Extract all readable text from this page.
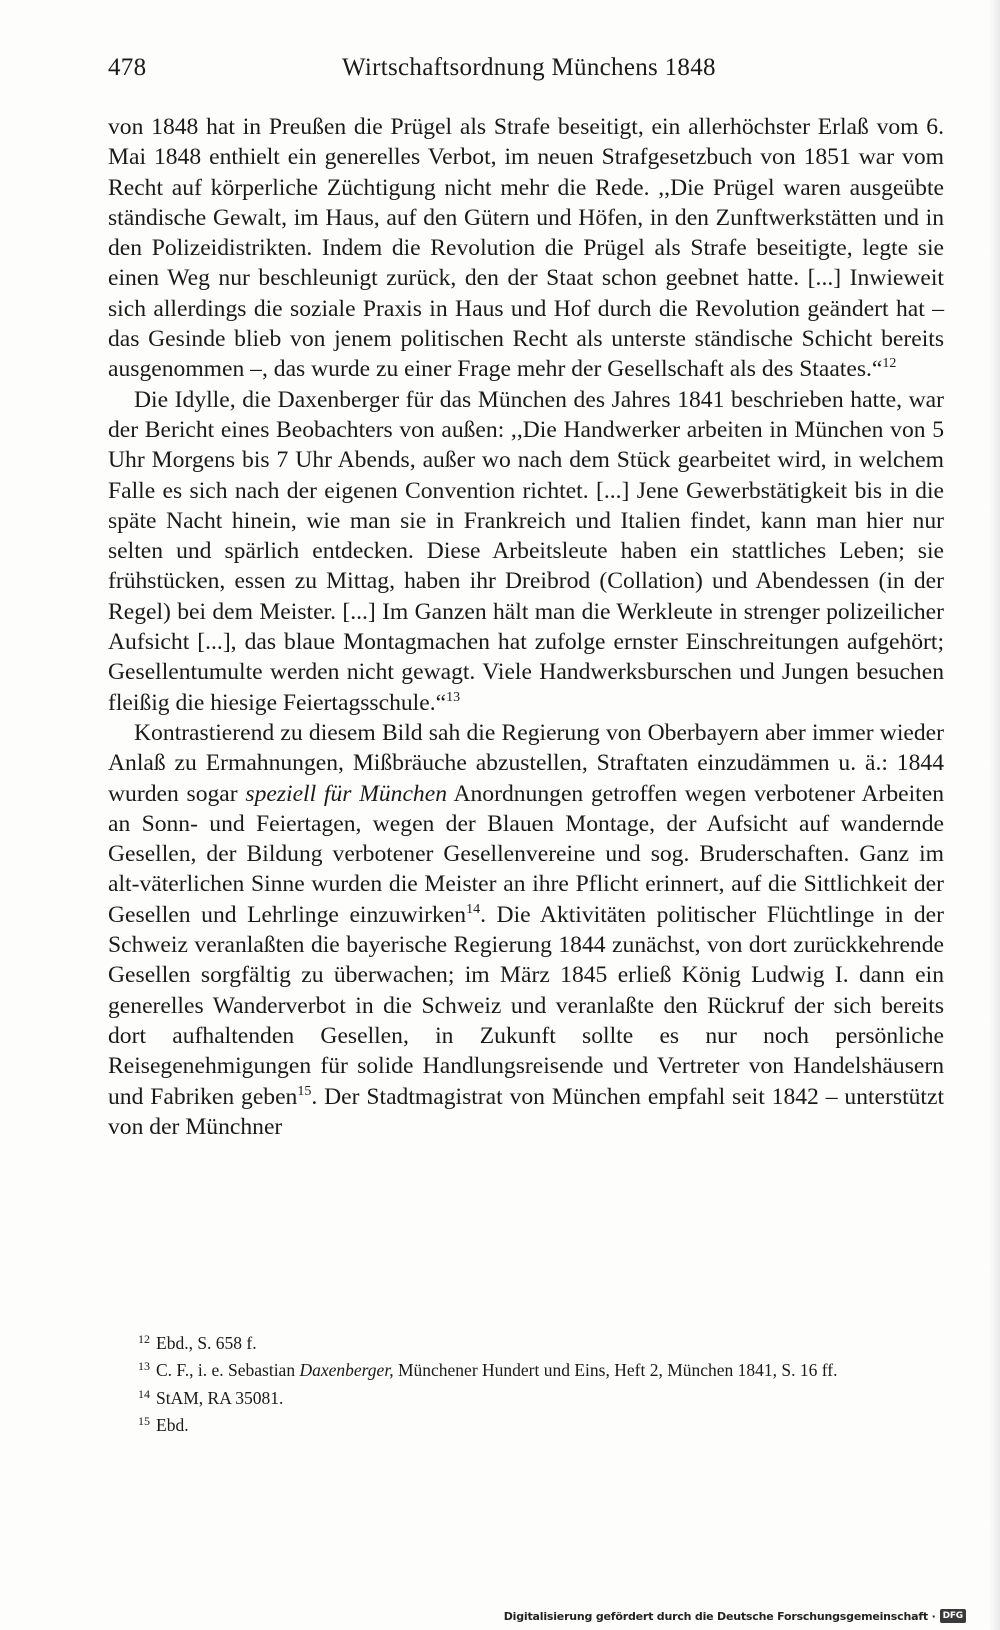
478	Wirtschaftsordnung Münchens 1848

von 1848 hat in Preußen die Prügel als Strafe beseitigt, ein allerhöchster Erlaß vom 6. Mai 1848 enthielt ein generelles Verbot, im neuen Strafgesetzbuch von 1851 war vom Recht auf körperliche Züchtigung nicht mehr die Rede. ,,Die Prügel waren ausgeübte ständische Gewalt, im Haus, auf den Gütern und Höfen, in den Zunftwerkstätten und in den Polizeidistrikten. Indem die Revolution die Prügel als Strafe beseitigte, legte sie einen Weg nur beschleunigt zurück, den der Staat schon geebnet hatte. [...] Inwieweit sich allerdings die soziale Praxis in Haus und Hof durch die Revolution geändert hat – das Gesinde blieb von jenem politischen Recht als unterste ständische Schicht bereits ausgenommen –, das wurde zu einer Frage mehr der Gesellschaft als des Staates.“$^{12}$

Die Idylle, die Daxenberger für das München des Jahres 1841 beschrieben hatte, war der Bericht eines Beobachters von außen: ,,Die Handwerker arbeiten in München von 5 Uhr Morgens bis 7 Uhr Abends, außer wo nach dem Stück gearbeitet wird, in welchem Falle es sich nach der eigenen Convention richtet. [...] Jene Gewerbstätigkeit bis in die späte Nacht hinein, wie man sie in Frankreich und Italien findet, kann man hier nur selten und spärlich entdecken. Diese Arbeitsleute haben ein stattliches Leben; sie frühstücken, essen zu Mittag, haben ihr Dreibrod (Collation) und Abendessen (in der Regel) bei dem Meister. [...] Im Ganzen hält man die Werkleute in strenger polizeilicher Aufsicht [...], das blaue Montagmachen hat zufolge ernster Einschreitungen aufgehört; Gesellentumulte werden nicht gewagt. Viele Handwerksburschen und Jungen besuchen fleißig die hiesige Feiertagsschule.“$^{13}$

Kontrastierend zu diesem Bild sah die Regierung von Oberbayern aber immer wieder Anlaß zu Ermahnungen, Mißbräuche abzustellen, Straftaten einzudämmen u. ä.: 1844 wurden sogar speziell für München Anordnungen getroffen wegen verbotener Arbeiten an Sonn- und Feiertagen, wegen der Blauen Montage, der Aufsicht auf wandernde Gesellen, der Bildung verbotener Gesellenvereine und sog. Bruderschaften. Ganz im alt-väterlichen Sinne wurden die Meister an ihre Pflicht erinnert, auf die Sittlichkeit der Gesellen und Lehrlinge einzuwirken$^{14}$. Die Aktivitäten politischer Flüchtlinge in der Schweiz veranlaßten die bayerische Regierung 1844 zunächst, von dort zurückkehrende Gesellen sorgfältig zu überwachen; im März 1845 erließ König Ludwig I. dann ein generelles Wanderverbot in die Schweiz und veranlaßte den Rückruf der sich bereits dort aufhaltenden Gesellen, in Zukunft sollte es nur noch persönliche Reisegenehmigungen für solide Handlungsreisende und Vertreter von Handelshäusern und Fabriken geben$^{15}$. Der Stadtmagistrat von München empfahl seit 1842 – unterstützt von der Münchner

$^{12}$ Ebd., S. 658 f.

$^{13}$ C. F., i. e. Sebastian Daxenberger, Münchener Hundert und Eins, Heft 2, München 1841, S. 16 ff.

$^{14}$ StAM, RA 35081.

$^{15}$ Ebd.

Digitalisierung gefördert durch die Deutsche Forschungsgemeinschaft · DFG
